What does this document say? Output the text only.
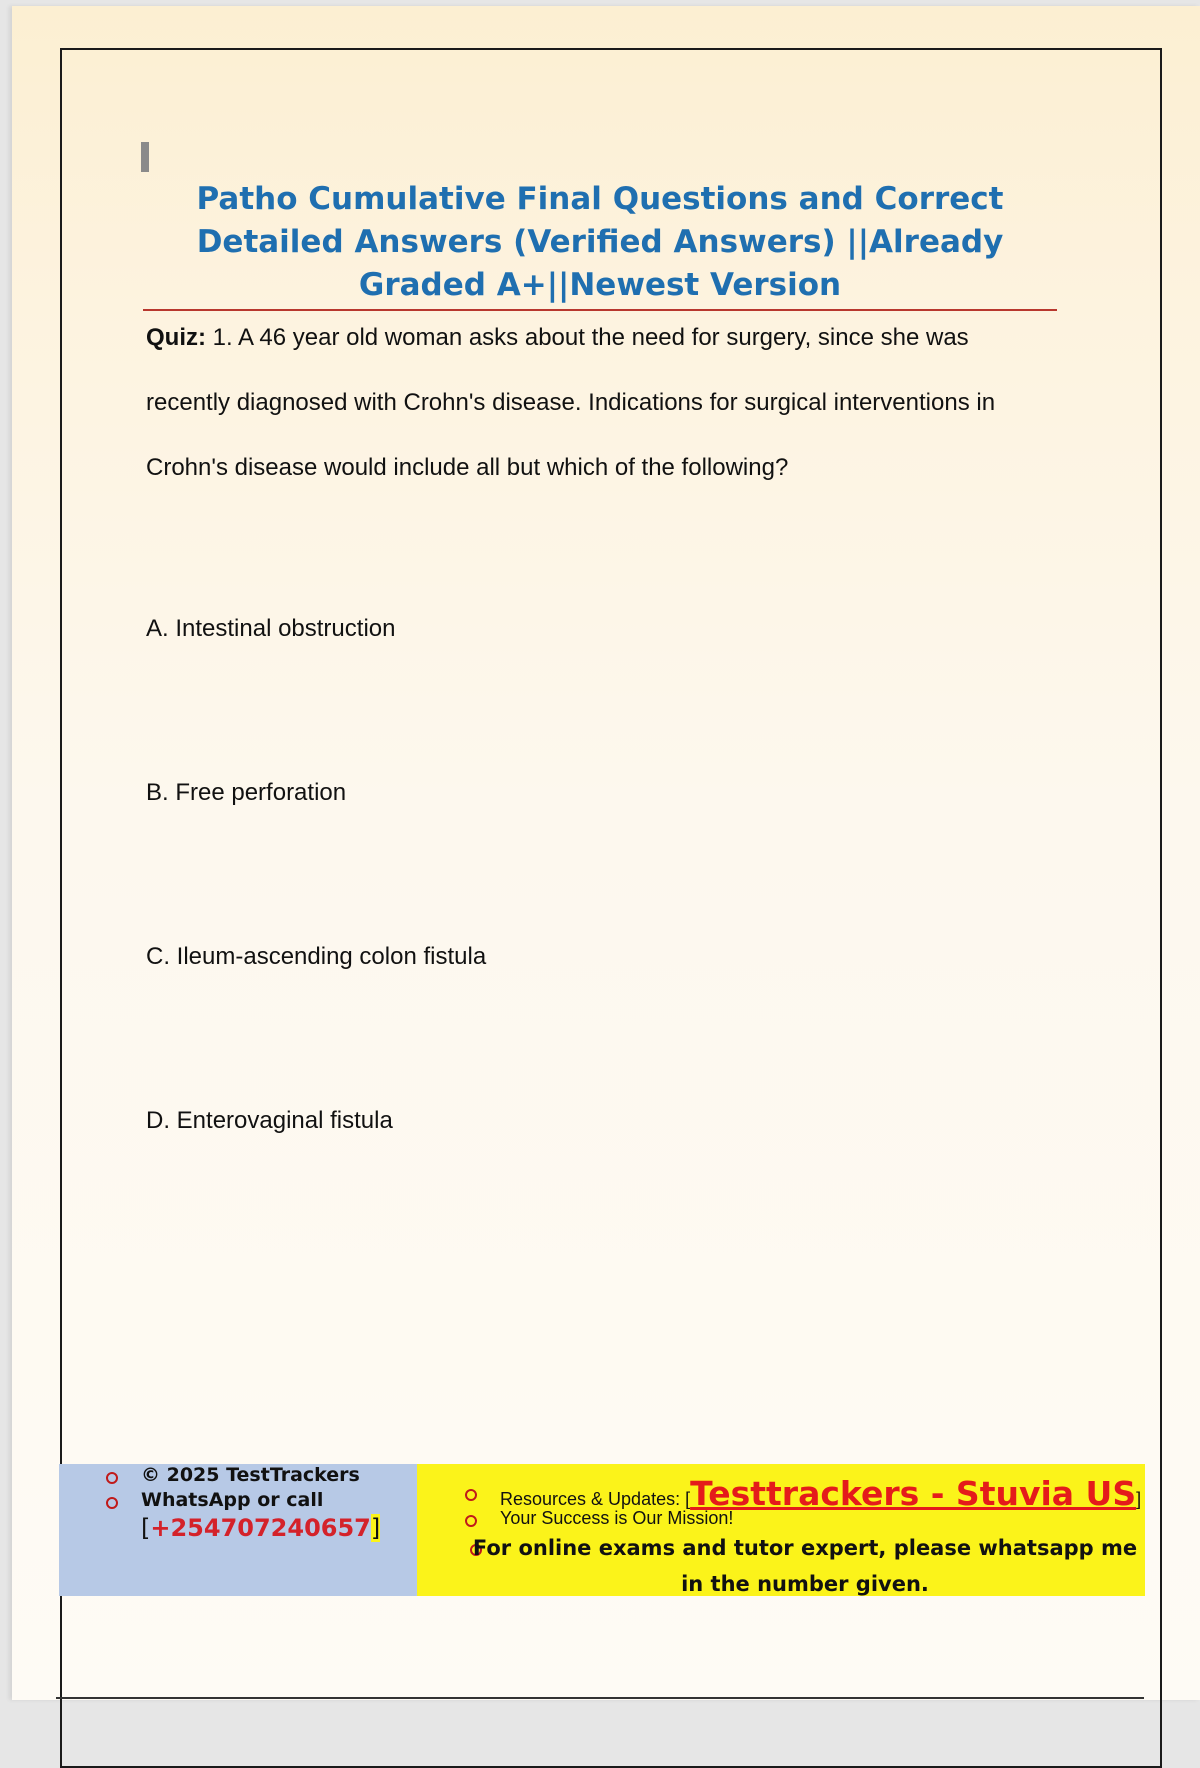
Patho Cumulative Final Questions and Correct Detailed Answers (Verified Answers) ||Already Graded A+||Newest Version
Quiz: 1. A 46 year old woman asks about the need for surgery, since she was recently diagnosed with Crohn's disease. Indications for surgical interventions in Crohn's disease would include all but which of the following?
A. Intestinal obstruction
B. Free perforation
C. Ileum-ascending colon fistula
D. Enterovaginal fistula
© 2025 TestTrackers
WhatsApp or call
[+254707240657]
Resources & Updates: [Testtrackers - Stuvia US]
Your Success is Our Mission!
For online exams and tutor expert, please whatsapp me in the number given.
